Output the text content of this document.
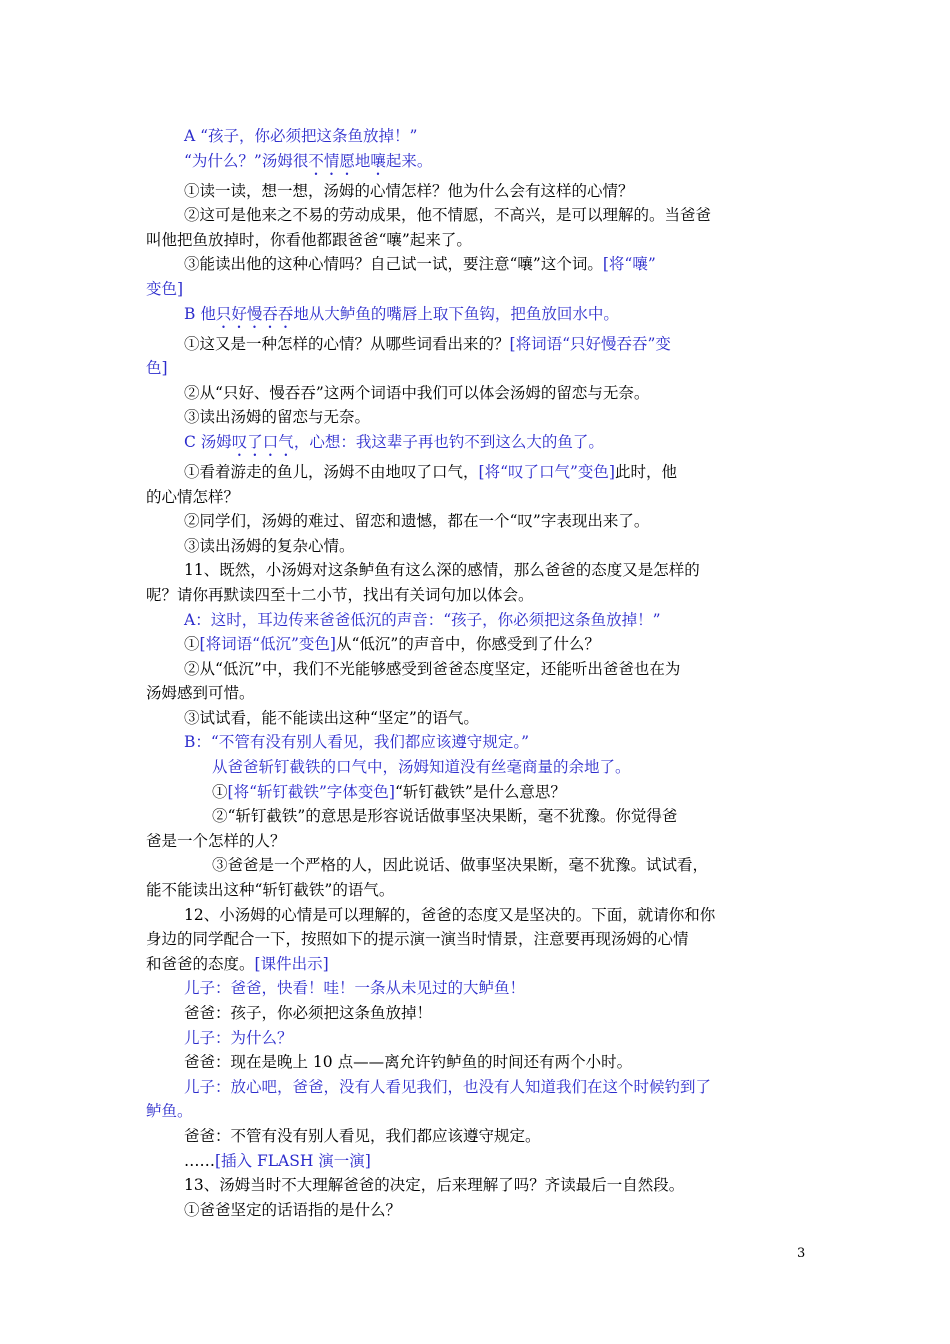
A “孩子，你必须把这条鱼放掉！”
“为什么？”汤姆很不情愿地嚷起来。
①读一读，想一想，汤姆的心情怎样？他为什么会有这样的心情？
②这可是他来之不易的劳动成果，他不情愿，不高兴，是可以理解的。当爸爸
叫他把鱼放掉时，你看他都跟爸爸“嚷”起来了。
③能读出他的这种心情吗？自己试一试，要注意“嚷”这个词。[将“嚷”
变色]
B 他只好慢吞吞地从大鲈鱼的嘴唇上取下鱼钩，把鱼放回水中。
①这又是一种怎样的心情？从哪些词看出来的？[将词语“只好慢吞吞”变
色]
②从“只好、慢吞吞”这两个词语中我们可以体会汤姆的留恋与无奈。
③读出汤姆的留恋与无奈。
C 汤姆叹了口气，心想：我这辈子再也钓不到这么大的鱼了。
①看着游走的鱼儿，汤姆不由地叹了口气，[将“叹了口气”变色]此时，他
的心情怎样？
②同学们，汤姆的难过、留恋和遗憾，都在一个“叹”字表现出来了。
③读出汤姆的复杂心情。
11、既然，小汤姆对这条鲈鱼有这么深的感情，那么爸爸的态度又是怎样的
呢？请你再默读四至十二小节，找出有关词句加以体会。
A：这时，耳边传来爸爸低沉的声音：“孩子，你必须把这条鱼放掉！”
①[将词语“低沉”变色]从“低沉”的声音中，你感受到了什么？
②从“低沉”中，我们不光能够感受到爸爸态度坚定，还能听出爸爸也在为
汤姆感到可惜。
③试试看，能不能读出这种“坚定”的语气。
B：“不管有没有别人看见，我们都应该遵守规定。”
从爸爸斩钉截铁的口气中，汤姆知道没有丝毫商量的余地了。
①[将“斩钉截铁”字体变色]“斩钉截铁”是什么意思？
②“斩钉截铁”的意思是形容说话做事坚决果断，毫不犹豫。你觉得爸
爸是一个怎样的人？
③爸爸是一个严格的人，因此说话、做事坚决果断，毫不犹豫。试试看，
能不能读出这种“斩钉截铁”的语气。
12、小汤姆的心情是可以理解的，爸爸的态度又是坚决的。下面，就请你和你
身边的同学配合一下，按照如下的提示演一演当时情景，注意要再现汤姆的心情
和爸爸的态度。[课件出示]
儿子：爸爸，快看！哇！一条从未见过的大鲈鱼！
爸爸：孩子，你必须把这条鱼放掉！
儿子：为什么？
爸爸：现在是晚上 10 点——离允许钓鲈鱼的时间还有两个小时。
儿子：放心吧，爸爸，没有人看见我们，也没有人知道我们在这个时候钓到了
鲈鱼。
爸爸：不管有没有别人看见，我们都应该遵守规定。
……[插入 FLASH 演一演]
13、汤姆当时不大理解爸爸的决定，后来理解了吗？齐读最后一自然段。
①爸爸坚定的话语指的是什么？
3
